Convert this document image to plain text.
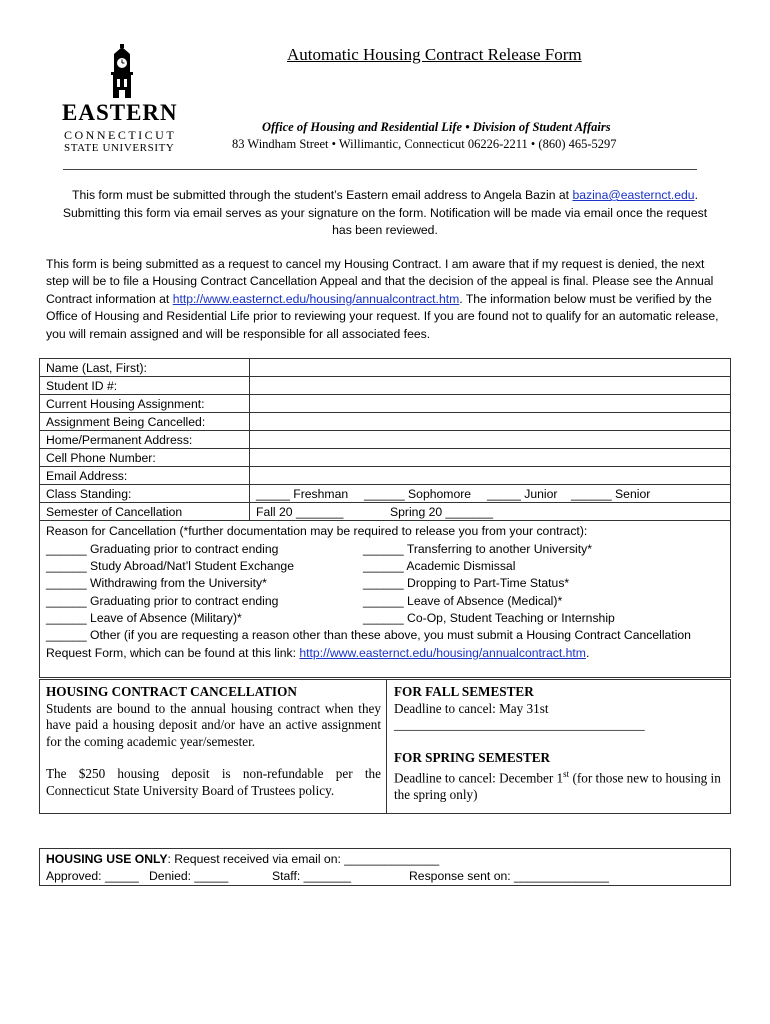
EASTERN
CONNECTICUT
STATE UNIVERSITY
Automatic Housing Contract Release Form
Office of Housing and Residential Life • Division of Student Affairs
83 Windham Street • Willimantic, Connecticut 06226-2211 • (860) 465-5297
This form must be submitted through the student’s Eastern email address to Angela Bazin at bazina@easternct.edu. Submitting this form via email serves as your signature on the form. Notification will be made via email once the request has been reviewed.
This form is being submitted as a request to cancel my Housing Contract. I am aware that if my request is denied, the next step will be to file a Housing Contract Cancellation Appeal and that the decision of the appeal is final. Please see the Annual Contract information at http://www.easternct.edu/housing/annualcontract.htm. The information below must be verified by the Office of Housing and Residential Life prior to reviewing your request. If you are found not to qualify for an automatic release, you will remain assigned and will be responsible for all associated fees.
Name (Last, First):	
Student ID #:	
Current Housing Assignment:	
Assignment Being Cancelled:	
Home/Permanent Address:	
Cell Phone Number:	
Email Address:	
Class Standing:	_____ Freshman ______ Sophomore _____ Junior ______ Senior
Semester of Cancellation	Fall 20 _______ Spring 20 _______
Reason for Cancellation (*further documentation may be required to release you from your contract):
______ Graduating prior to contract ending
______ Study Abroad/Nat’l Student Exchange
______ Withdrawing from the University*
______ Graduating prior to contract ending
______ Leave of Absence (Military)*
______ Transferring to another University*
______ Academic Dismissal
______ Dropping to Part-Time Status*
______ Leave of Absence (Medical)*
______ Co-Op, Student Teaching or Internship
______ Other (if you are requesting a reason other than these above, you must submit a Housing Contract Cancellation
Request Form, which can be found at this link: http://www.easternct.edu/housing/annualcontract.htm.
HOUSING CONTRACT CANCELLATION
Students are bound to the annual housing contract when they have paid a housing deposit and/or have an active assignment for the coming academic year/semester.
The $250 housing deposit is non-refundable per the Connecticut State University Board of Trustees policy.
FOR FALL SEMESTER
Deadline to cancel: May 31st
______________________________________
FOR SPRING SEMESTER
Deadline to cancel: December 1st (for those new to housing in the spring only)
HOUSING USE ONLY: Request received via email on: ______________
Approved: _____ Denied: _____	Staff: _______	Response sent on: ______________
